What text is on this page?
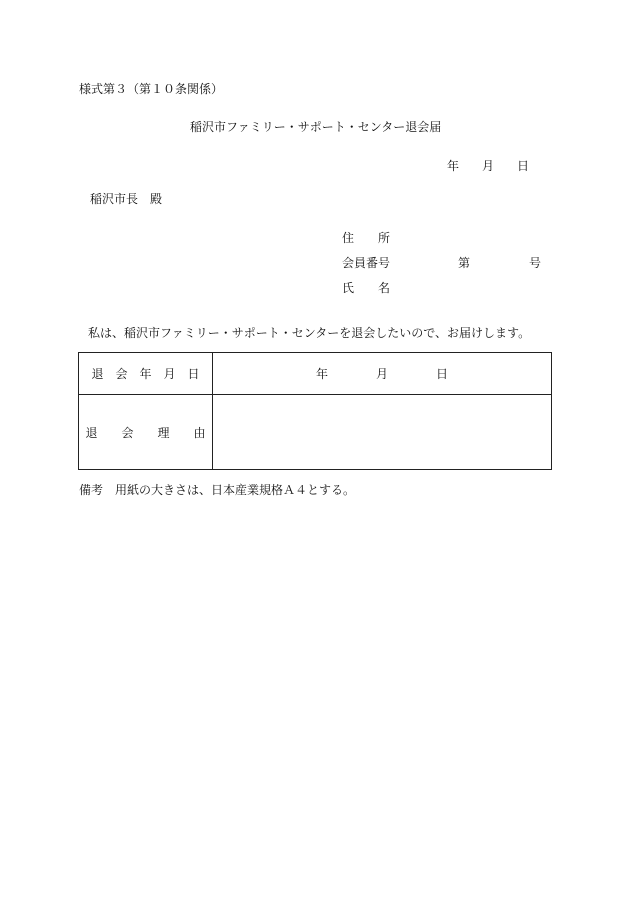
様式第３（第１０条関係）
稲沢市ファミリー・サポート・センター退会届
年 月 日
稲沢市長　殿
住　　所
会員番号	第	号
氏　　名
私は、稲沢市ファミリー・サポート・センターを退会したいので、お届けします。
退　会　年　月　日	年　　　　月　　　　日
退　　会　　理　　由	
備考　用紙の大きさは、日本産業規格Ａ４とする。
